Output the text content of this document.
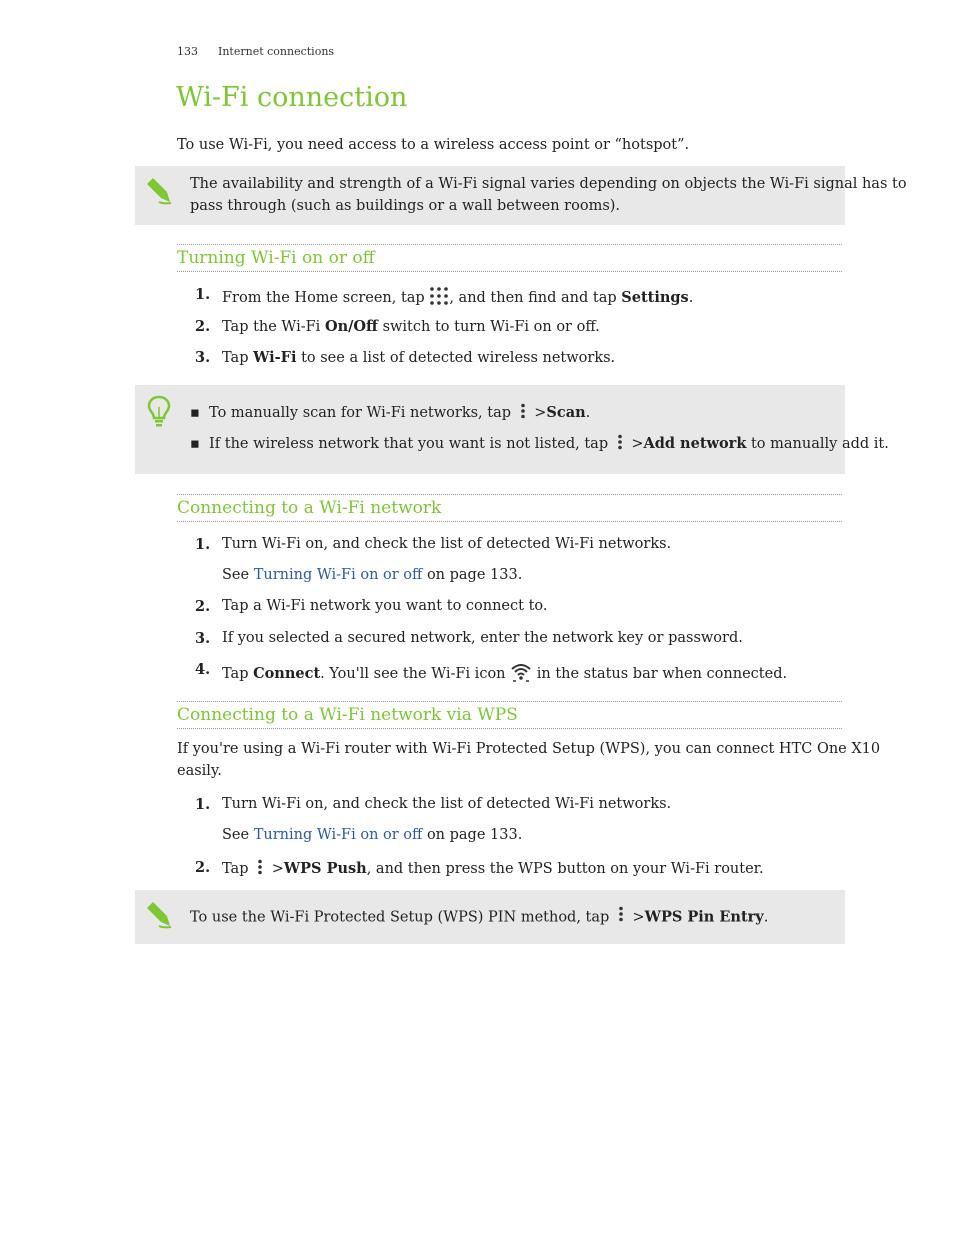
133 Internet connections
Wi-Fi connection
To use Wi-Fi, you need access to a wireless access point or “hotspot”.
The availability and strength of a Wi-Fi signal varies depending on objects the Wi-Fi signal has to
pass through (such as buildings or a wall between rooms).
Turning Wi-Fi on or off
1. From the Home screen, tap , and then find and tap Settings.
2. Tap the Wi-Fi On/Off switch to turn Wi-Fi on or off.
3. Tap Wi-Fi to see a list of detected wireless networks.
▪ To manually scan for Wi-Fi networks, tap >Scan.
▪ If the wireless network that you want is not listed, tap >Add network to manually add it.
Connecting to a Wi-Fi network
1. Turn Wi-Fi on, and check the list of detected Wi-Fi networks.
See Turning Wi-Fi on or off on page 133.
2. Tap a Wi-Fi network you want to connect to.
3. If you selected a secured network, enter the network key or password.
4. Tap Connect. You'll see the Wi-Fi icon in the status bar when connected.
Connecting to a Wi-Fi network via WPS
If you're using a Wi-Fi router with Wi-Fi Protected Setup (WPS), you can connect HTC One X10
easily.
1. Turn Wi-Fi on, and check the list of detected Wi-Fi networks.
See Turning Wi-Fi on or off on page 133.
2. Tap >WPS Push, and then press the WPS button on your Wi-Fi router.
To use the Wi-Fi Protected Setup (WPS) PIN method, tap >WPS Pin Entry.
